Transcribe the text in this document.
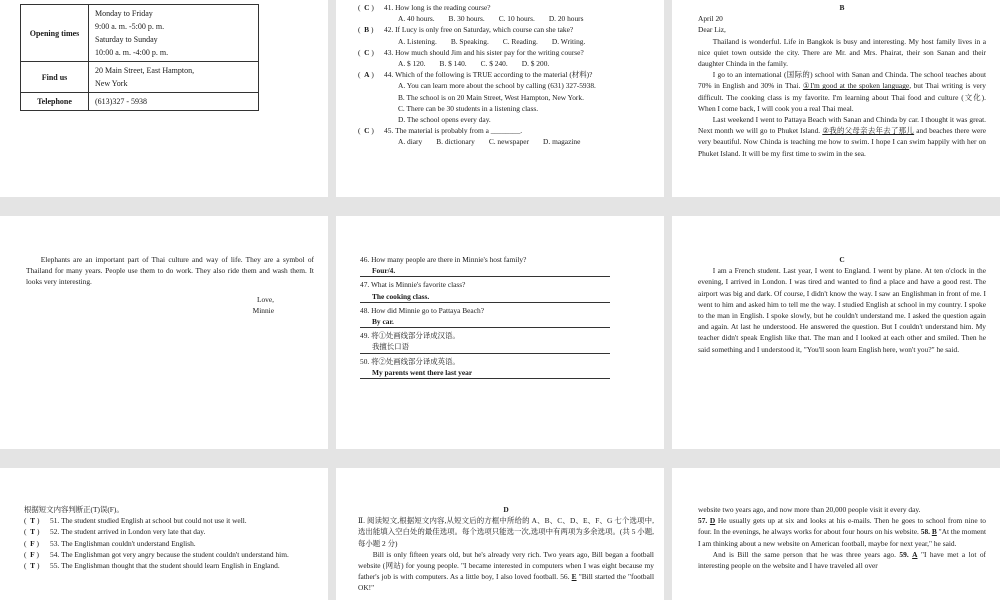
Opening times	Monday to Friday
9:00 a. m. -5:00 p. m.
Saturday to Sunday
10:00 a. m. -4:00 p. m.

Find us	20 Main Street, East Hampton,
New York

Telephone	(613)327 - 5938
(  C )	41 . How long is the reading course?
A. 40 hours. B. 30 hours. C. 10 hours. D. 20 hours
(  B )	42 . If Lucy is only free on Saturday, which course can she take?
A. Listening. B. Speaking. C. Reading. D. Writing.
(  C )	43 . How much should Jim and his sister pay for the writing course?
A. $ 120. B. $ 140. C. $ 240. D. $ 200.
(  A )	44 . Which of the following is TRUE according to the material (材料)?
A. You can learn more about the school by calling (631) 327-5938.
B. The school is on 20 Main Street, West Hampton, New York.
C. There can be 30 students in a listening class.
D. The school opens every day.
(  C )	45 . The material is probably from a ________.
A. diary B. dictionary C. newspaper D. magazine

B

April 20

Dear Liz,

Thailand is wonderful. Life in Bangkok is busy and interesting. My host family lives in a nice quiet town outside the city. There are Mr. and Mrs. Phairat, their son Sanan and their daughter Chinda in the family.

I go to an international (国际的) school with Sanan and Chinda. The school teaches about 70% in English and 30% in Thai. ①I'm good at the spoken language, but Thai writing is very difficult. The cooking class is my favorite. I'm learning about Thai food and culture (文化). When I come back, I will cook you a real Thai meal.

Last weekend I went to Pattaya Beach with Sanan and Chinda by car. I thought it was great. Next month we will go to Phuket Island. ②我的父母亲去年去了那儿 and beaches there were very beautiful. Now Chinda is teaching me how to swim. I hope I can swim happily with her on Phuket Island. It will be my first time to swim in the sea.

Elephants are an important part of Thai culture and way of life. They are a symbol of Thailand for many years. People use them to do work. They also ride them and wash them. It looks very interesting.

Love,

Minnie

46. How many people are there in Minnie's host family?

Four/4.

47. What is Minnie's favorite class?

The cooking class.

48. How did Minnie go to Pattaya Beach?

By car.

49. 将①处画线部分译成汉语。

我擅长口语

50. 将②处画线部分译成英语。

My parents went there last year

C

I am a French student. Last year, I went to England. I went by plane. At ten o'clock in the evening, I arrived in London. I was tired and wanted to find a place and have a good rest. The airport was big and dark. Of course, I didn't know the way. I saw an Englishman in front of me. I went to him and asked him to tell me the way. I studied English at school in my country. I spoke to the man in English. I spoke slowly, but he couldn't understand me. I asked the question again and again. At last he understood. He answered the question. But I couldn't understand him. My teacher didn't speak English like that. The man and I looked at each other and smiled. Then he said something and I understood it, "You'll soon learn English here, won't you?" he said.

根据短文内容判断正(T)误(F)。

(  T )	51 . The student studied English at school but could not use it well.
(  T )	52 . The student arrived in London very late that day.
(  F )	53 . The Englishman couldn't understand English.
(  F )	54 . The Englishman got very angry because the student couldn't understand him.
(  T )	55 . The Englishman thought that the student should learn English in England.

D

Ⅱ. 阅读短文,根据短文内容,从短文后的方框中所给的 A、B、C、D、E、F、G 七个选项中,选出能填入空白处的最佳选项。每个选项只能选一次,选项中有两项为多余选项。(共 5 小题,每小题 2 分)

Bill is only fifteen years old, but he's already very rich. Two years ago, Bill began a football website (网站) for young people. "I became interested in computers when I was eight because my father's job is with computers. As a little boy, I also loved football. 56. E "Bill started the "football OK!"

website two years ago, and now more than 20,000 people visit it every day.

57. D He usually gets up at six and looks at his e-mails. Then he goes to school from nine to four. In the evenings, he always works for about four hours on his website. 58. B "At the moment I am thinking about a new website on American football, maybe for next year," he said.

And is Bill the same person that he was three years ago. 59. A "I have met a lot of interesting people on the website and I have traveled all over
